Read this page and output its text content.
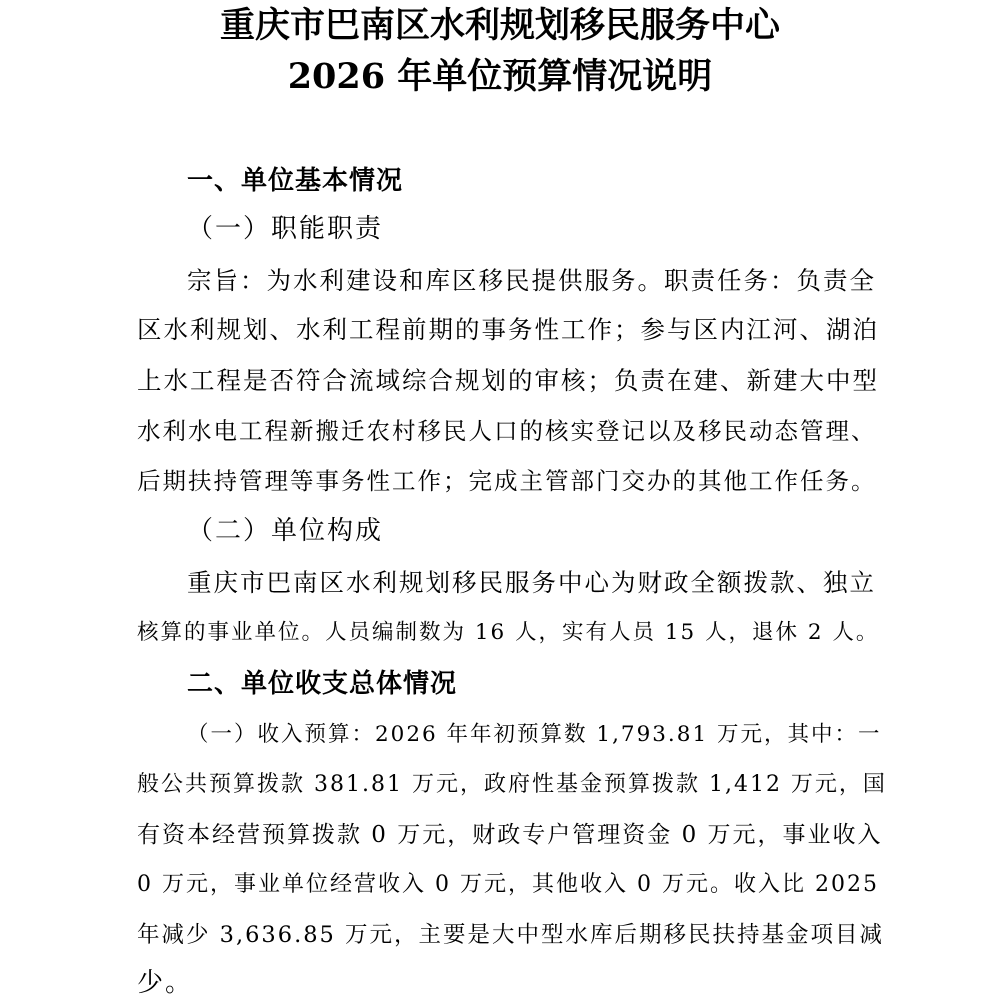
重庆市巴南区水利规划移民服务中心
2026 年单位预算情况说明
一、单位基本情况
（一）职能职责
宗旨：为水利建设和库区移民提供服务。职责任务：负责全
区水利规划、水利工程前期的事务性工作；参与区内江河、湖泊
上水工程是否符合流域综合规划的审核；负责在建、新建大中型
水利水电工程新搬迁农村移民人口的核实登记以及移民动态管理、
后期扶持管理等事务性工作；完成主管部门交办的其他工作任务。
（二）单位构成
重庆市巴南区水利规划移民服务中心为财政全额拨款、独立
核算的事业单位。人员编制数为 16 人，实有人员 15 人，退休 2 人。
二、单位收支总体情况
（一）收入预算：2026 年年初预算数 1,793.81 万元，其中：一
般公共预算拨款 381.81 万元，政府性基金预算拨款 1,412 万元，国
有资本经营预算拨款 0 万元，财政专户管理资金 0 万元，事业收入
0 万元，事业单位经营收入 0 万元，其他收入 0 万元。收入比 2025
年减少 3,636.85 万元，主要是大中型水库后期移民扶持基金项目减
少。
